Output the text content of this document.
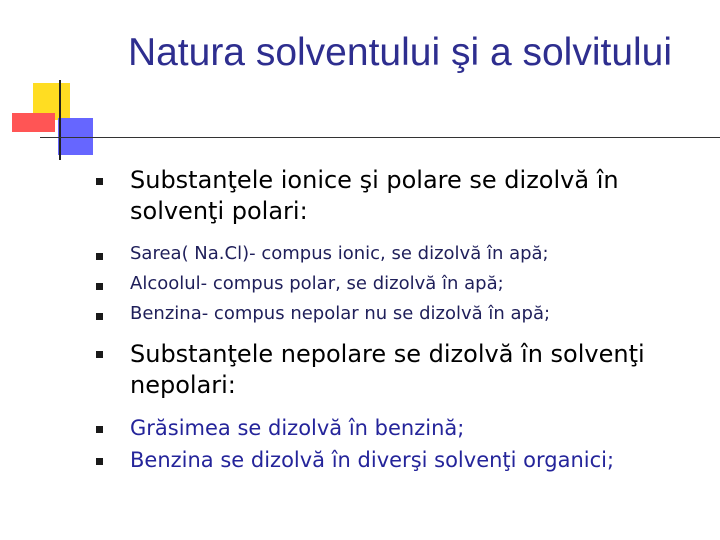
Natura solventului şi a solvitului
Substanţele ionice şi polare se dizolvă în solvenţi polari:
Sarea( Na.Cl)- compus ionic, se dizolvă în apă;
Alcoolul- compus polar, se dizolvă în apă;
Benzina- compus nepolar nu se dizolvă în apă;
Substanţele nepolare se dizolvă în solvenţi nepolari:
Grăsimea se dizolvă în benzină;
Benzina se dizolvă în diverşi solvenţi organici;
